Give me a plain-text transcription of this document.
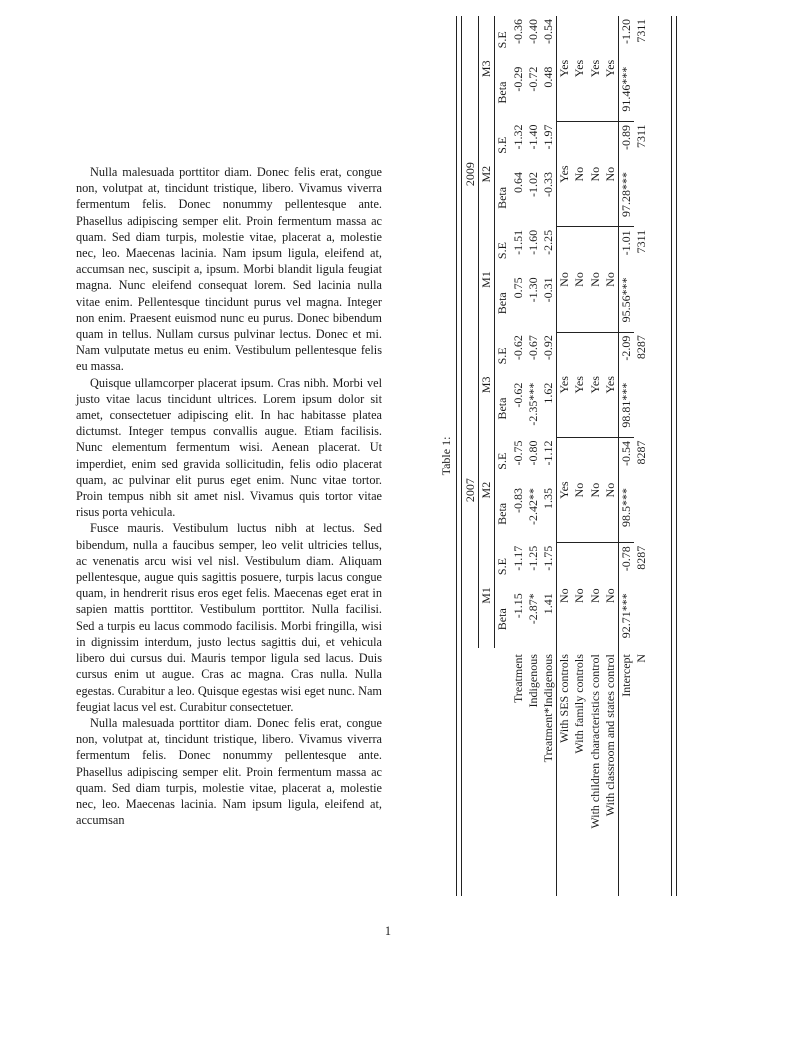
Nulla malesuada porttitor diam. Donec felis erat, congue non, volutpat at, tincidunt tristique, libero. Vivamus viverra fermentum felis. Donec nonummy pellentesque ante. Phasellus adipiscing semper elit. Proin fermentum massa ac quam. Sed diam turpis, molestie vitae, placerat a, molestie nec, leo. Maecenas lacinia. Nam ipsum ligula, eleifend at, accumsan nec, suscipit a, ipsum. Morbi blandit ligula feugiat magna. Nunc eleifend consequat lorem. Sed lacinia nulla vitae enim. Pellentesque tincidunt purus vel magna. Integer non enim. Praesent euismod nunc eu purus. Donec bibendum quam in tellus. Nullam cursus pulvinar lectus. Donec et mi. Nam vulputate metus eu enim. Vestibulum pellentesque felis eu massa.

Quisque ullamcorper placerat ipsum. Cras nibh. Morbi vel justo vitae lacus tincidunt ultrices. Lorem ipsum dolor sit amet, consectetuer adipiscing elit. In hac habitasse platea dictumst. Integer tempus convallis augue. Etiam facilisis. Nunc elementum fermentum wisi. Aenean placerat. Ut imperdiet, enim sed gravida sollicitudin, felis odio placerat quam, ac pulvinar elit purus eget enim. Nunc vitae tortor. Proin tempus nibh sit amet nisl. Vivamus quis tortor vitae risus porta vehicula.

Fusce mauris. Vestibulum luctus nibh at lectus. Sed bibendum, nulla a faucibus semper, leo velit ultricies tellus, ac venenatis arcu wisi vel nisl. Vestibulum diam. Aliquam pellentesque, augue quis sagittis posuere, turpis lacus congue quam, in hendrerit risus eros eget felis. Maecenas eget erat in sapien mattis porttitor. Vestibulum porttitor. Nulla facilisi. Sed a turpis eu lacus commodo facilisis. Morbi fringilla, wisi in dignissim interdum, justo lectus sagittis dui, et vehicula libero dui cursus dui. Mauris tempor ligula sed lacus. Duis cursus enim ut augue. Cras ac magna. Cras nulla. Nulla egestas. Curabitur a leo. Quisque egestas wisi eget nunc. Nam feugiat lacus vel est. Curabitur consectetuer.

Nulla malesuada porttitor diam. Donec felis erat, congue non, volutpat at, tincidunt tristique, libero. Vivamus viverra fermentum felis. Donec nonummy pellentesque ante. Phasellus adipiscing semper elit. Proin fermentum massa ac quam. Sed diam turpis, molestie vitae, placerat a, molestie nec, leo. Maecenas lacinia. Nam ipsum ligula, eleifend at, accumsan

Table 1:
	2007						2009					
	M1		M2		M3		M1		M2		M3	
	Beta	S.E	Beta	S.E	Beta	S.E	Beta	S.E	Beta	S.E	Beta	S.E
Treatment	-1.15	-1.17	-0.83	-0.75	-0.62	-0.62	0.75	-1.51	0.64	-1.32	-0.29	-0.36
Indigenous	-2.87*	-1.25	-2.42**	-0.80	-2.35***	-0.67	-1.30	-1.60	-1.02	-1.40	-0.72	-0.40
Treatment*Indigenous	1.41	-1.75	1.35	-1.12	1.62	-0.92	-0.31	-2.25	-0.33	-1.97	0.48	-0.54
With SES controls	No		Yes		Yes		No		Yes		Yes	
With family controls	No		No		Yes		No		No		Yes	
With children characteristics control	No		No		Yes		No		No		Yes	
With classroom and states control	No		No		Yes		No		No		Yes	
Intercept	92.71***	-0.78	98.5***	-0.54	98.81***	-2.09	95.56***	-1.01	97.28***	-0.89	91.46***	-1.20
N	8287		8287		8287		7311		7311		7311	
1
